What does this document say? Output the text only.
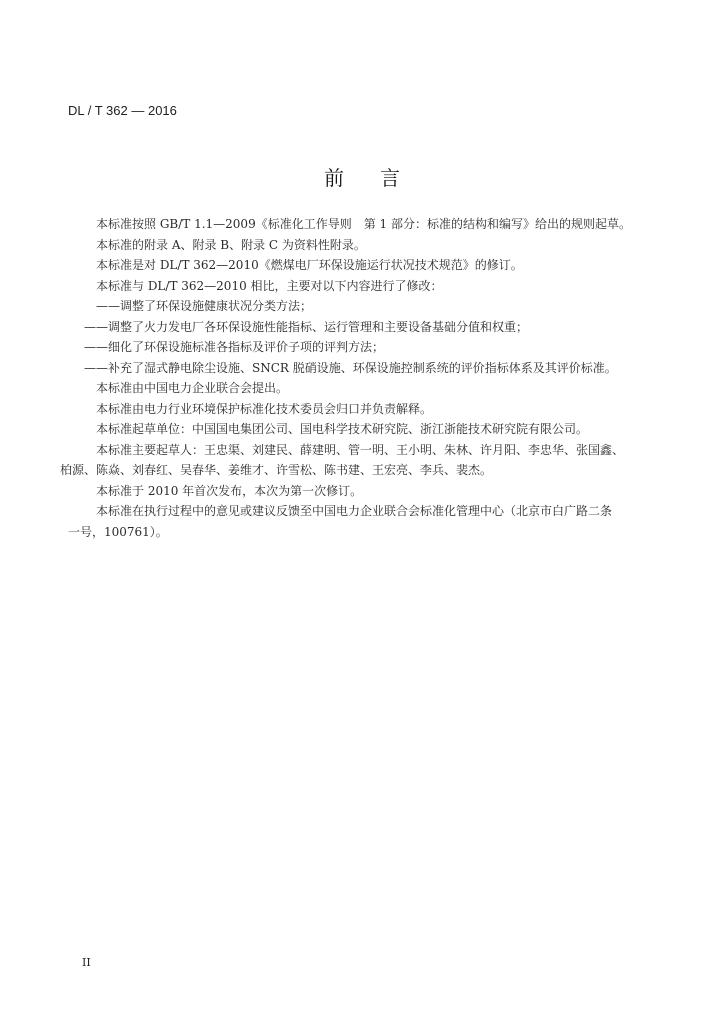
DL / T 362 — 2016
前言
本标准按照 GB/T 1.1—2009《标准化工作导则　第 1 部分：标准的结构和编写》给出的规则起草。
本标准的附录 A、附录 B、附录 C 为资料性附录。
本标准是对 DL/T 362—2010《燃煤电厂环保设施运行状况技术规范》的修订。
本标准与 DL/T 362—2010 相比，主要对以下内容进行了修改：
——调整了环保设施健康状况分类方法；
——调整了火力发电厂各环保设施性能指标、运行管理和主要设备基础分值和权重；
——细化了环保设施标准各指标及评价子项的评判方法；
——补充了湿式静电除尘设施、SNCR 脱硝设施、环保设施控制系统的评价指标体系及其评价标准。
本标准由中国电力企业联合会提出。
本标准由电力行业环境保护标准化技术委员会归口并负责解释。
本标准起草单位：中国国电集团公司、国电科学技术研究院、浙江浙能技术研究院有限公司。
本标准主要起草人：王忠渠、刘建民、薛建明、管一明、王小明、朱林、许月阳、李忠华、张国鑫、
柏源、陈焱、刘春红、吴春华、姜维才、许雪松、陈书建、王宏亮、李兵、裴杰。
本标准于 2010 年首次发布，本次为第一次修订。
本标准在执行过程中的意见或建议反馈至中国电力企业联合会标准化管理中心（北京市白广路二条
一号，100761）。
II
